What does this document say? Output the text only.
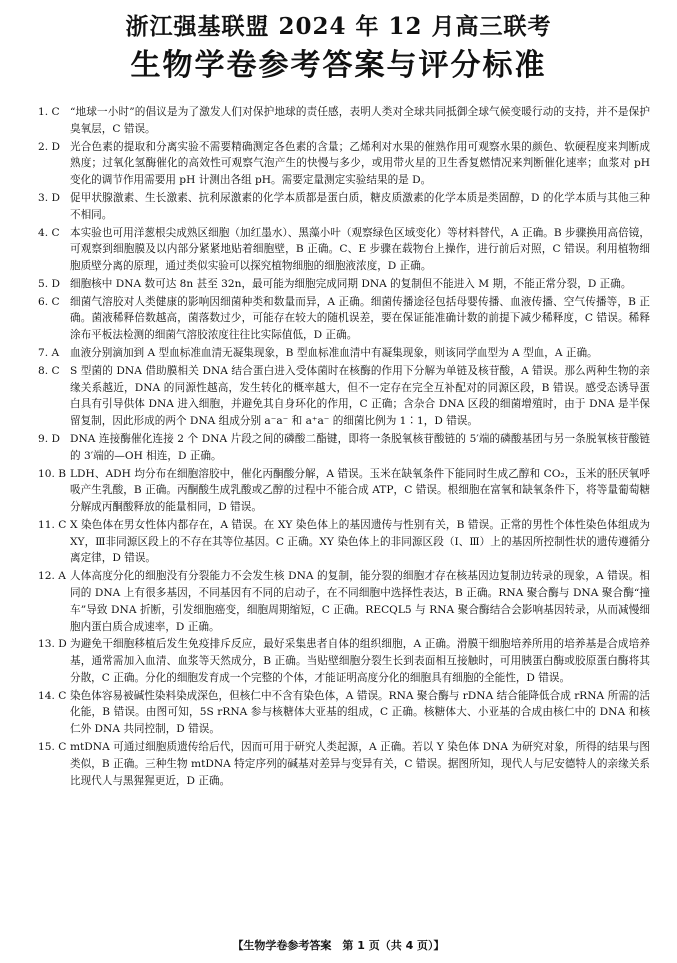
浙江强基联盟 2024 年 12 月高三联考
生物学卷参考答案与评分标准
1. C “地球一小时”的倡议是为了激发人们对保护地球的责任感，表明人类对全球共同抵御全球气候变暖行动的支持，并不是保护臭氧层，C 错误。
2. D 光合色素的提取和分离实验不需要精确测定各色素的含量；乙烯利对水果的催熟作用可观察水果的颜色、软硬程度来判断成熟度；过氧化氢酶催化的高效性可观察气泡产生的快慢与多少，或用带火星的卫生香复燃情况来判断催化速率；血浆对 pH 变化的调节作用需要用 pH 计测出各组 pH。需要定量测定实验结果的是 D。
3. D 促甲状腺激素、生长激素、抗利尿激素的化学本质都是蛋白质，糖皮质激素的化学本质是类固醇，D 的化学本质与其他三种不相同。
4. C 本实验也可用洋葱根尖成熟区细胞（加红墨水）、黑藻小叶（观察绿色区域变化）等材料替代，A 正确。B 步骤换用高倍镜，可观察到细胞膜及以内部分紧紧地贴着细胞壁，B 正确。C、E 步骤在载物台上操作，进行前后对照，C 错误。利用植物细胞质壁分离的原理，通过类似实验可以探究植物细胞的细胞液浓度，D 正确。
5. D 细胞核中 DNA 数可达 8n 甚至 32n，最可能为细胞完成同期 DNA 的复制但不能进入 M 期，不能正常分裂，D 正确。
6. C 细菌气溶胶对人类健康的影响因细菌种类和数量而异，A 正确。细菌传播途径包括母婴传播、血液传播、空气传播等，B 正确。菌液稀释倍数越高，菌落数过少，可能存在较大的随机误差，要在保证能准确计数的前提下减少稀释度，C 错误。稀释涂布平板法检测的细菌气溶胶浓度往往比实际值低，D 正确。
7. A	血液分别滴加到 A 型血标准血清无凝集现象，B 型血标准血清中有凝集现象，则该同学血型为 A 型血，A 正确。
8. C S 型菌的 DNA 借助膜相关 DNA 结合蛋白进入受体菌时在核酶的作用下分解为单链及核苷酸，A 错误。那么两种生物的亲缘关系越近，DNA 的同源性越高，发生转化的概率越大，但不一定存在完全互补配对的同源区段，B 错误。感受态诱导蛋白具有引导供体 DNA 进入细胞，并避免其自身环化的作用，C 正确；含杂合 DNA 区段的细菌增殖时，由于 DNA 是半保留复制，因此形成的两个 DNA 组成分别 a⁻a⁻ 和 a⁺a⁻ 的细菌比例为 1∶1，D 错误。
9. D DNA 连接酶催化连接 2 个 DNA 片段之间的磷酸二酯键，即将一条脱氧核苷酸链的 5′端的磷酸基团与另一条脱氧核苷酸链的 3′端的—OH 相连，D 正确。
10. B LDH、ADH 均分布在细胞溶胶中，催化丙酮酸分解，A 错误。玉米在缺氧条件下能同时生成乙醇和 CO₂，玉米的胚厌氧呼吸产生乳酸，B 正确。丙酮酸生成乳酸或乙醇的过程中不能合成 ATP，C 错误。根细胞在富氧和缺氧条件下，将等量葡萄糖分解成丙酮酸释放的能量相同，D 错误。
11. C X 染色体在男女性体内都存在，A 错误。在 XY 染色体上的基因遗传与性别有关，B 错误。正常的男性个体性染色体组成为 XY，Ⅲ非同源区段上的不存在其等位基因。C 正确。XY 染色体上的非同源区段（Ⅰ、Ⅲ）上的基因所控制性状的遗传遵循分离定律，D 错误。
12. A 人体高度分化的细胞没有分裂能力不会发生核 DNA 的复制，能分裂的细胞才存在核基因边复制边转录的现象，A 错误。相同的 DNA 上有很多基因，不同基因有不同的启动子，在不同细胞中选择性表达，B 正确。RNA 聚合酶与 DNA 聚合酶“撞车”导致 DNA 折断，引发细胞癌变，细胞周期缩短，C 正确。RECQL5 与 RNA 聚合酶结合会影响基因转录，从而减慢细胞内蛋白质合成速率，D 正确。
13. D 为避免干细胞移植后发生免疫排斥反应，最好采集患者自体的组织细胞，A 正确。滑膜干细胞培养所用的培养基是合成培养基，通常需加入血清、血浆等天然成分，B 正确。当贴壁细胞分裂生长到表面相互接触时，可用胰蛋白酶或胶原蛋白酶将其分散，C 正确。分化的细胞发育成一个完整的个体，才能证明高度分化的细胞具有细胞的全能性，D 错误。
14. C 染色体容易被碱性染料染成深色，但核仁中不含有染色体，A 错误。RNA 聚合酶与 rDNA 结合能降低合成 rRNA 所需的活化能，B 错误。由图可知，5S rRNA 参与核糖体大亚基的组成，C 正确。核糖体大、小亚基的合成由核仁中的 DNA 和核仁外 DNA 共同控制，D 错误。
15. C mtDNA 可通过细胞质遗传给后代，因而可用于研究人类起源，A 正确。若以 Y 染色体 DNA 为研究对象，所得的结果与图类似，B 正确。三种生物 mtDNA 特定序列的碱基对差异与变异有关，C 错误。据图所知，现代人与尼安德特人的亲缘关系比现代人与黑猩猩更近，D 正确。
【生物学卷参考答案　第 1 页（共 4 页）】
